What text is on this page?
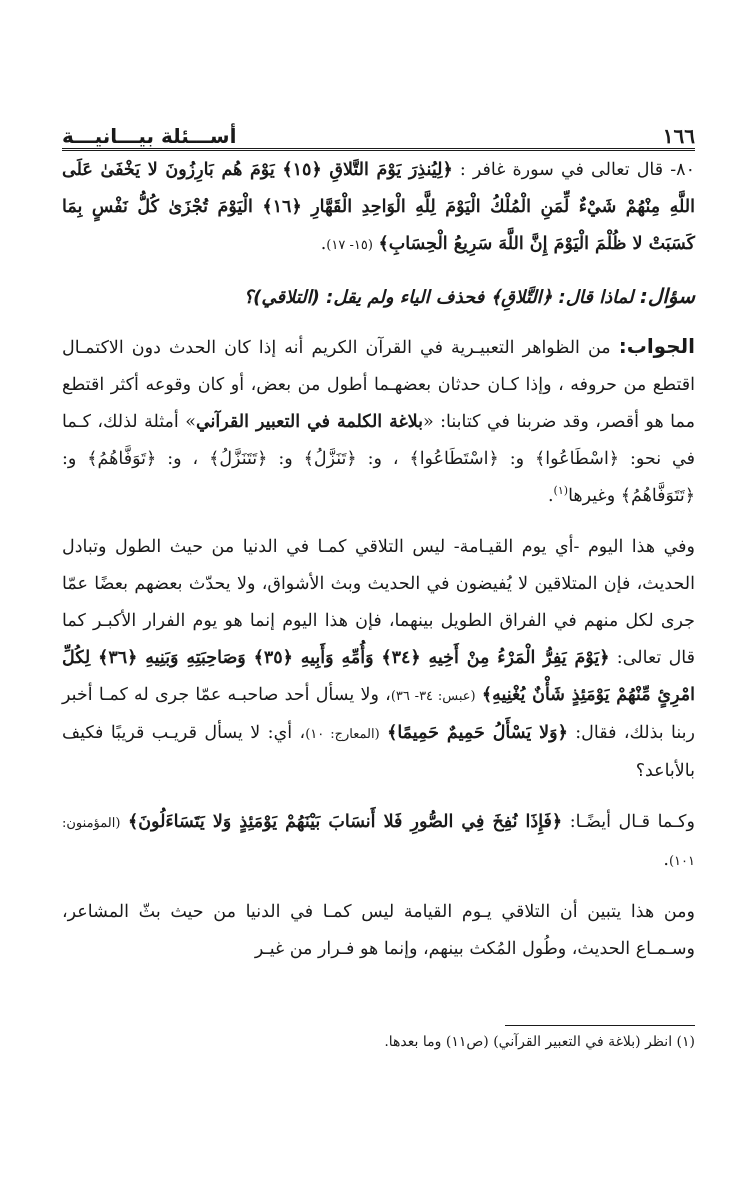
أســـئلة بيـــانيـــة	١٦٦

٨٠- قال تعالى في سورة غافر : ﴿لِيُنذِرَ يَوْمَ التَّلاقِ ﴿١٥﴾ يَوْمَ هُم بَارِزُونَ لا يَخْفَىٰ عَلَى اللَّهِ مِنْهُمْ شَيْءٌ لِّمَنِ الْمُلْكُ الْيَوْمَ لِلَّهِ الْوَاحِدِ الْقَهَّارِ ﴿١٦﴾ الْيَوْمَ تُجْزَىٰ كُلُّ نَفْسٍ بِمَا كَسَبَتْ لا ظُلْمَ الْيَوْمَ إِنَّ اللَّهَ سَرِيعُ الْحِسَابِ﴾ (١٥- ١٧).

سؤال: لماذا قال: ﴿التَّلاقِ﴾ فحذف الياء ولم يقل: (التلاقي)؟

الجواب: من الظواهر التعبيـرية في القرآن الكريم أنه إذا كان الحدث دون الاكتمـال اقتطع من حروفه ، وإذا كـان حدثان بعضهـما أطول من بعض، أو كان وقوعه أكثر اقتطع مما هو أقصر، وقد ضربنا في كتابنا: «بلاغة الكلمة في التعبير القرآني» أمثلة لذلك، كـما في نحو: ﴿اسْطَاعُوا﴾ و: ﴿اسْتَطَاعُوا﴾ ، و: ﴿تَنَزَّلُ﴾ و: ﴿تَتَنَزَّلُ﴾ ، و: ﴿تَوَفَّاهُمُ﴾ و: ﴿تَتَوَفَّاهُمُ﴾ وغيرها$^{(١)}$.

وفي هذا اليوم -أي يوم القيـامة- ليس التلاقي كمـا في الدنيا من حيث الطول وتبادل الحديث، فإن المتلاقين لا يُفيضون في الحديث وبث الأشواق، ولا يحدّث بعضهم بعضًا عمّا جرى لكل منهم في الفراق الطويل بينهما، فإن هذا اليوم إنما هو يوم الفرار الأكبـر كما قال تعالى: ﴿يَوْمَ يَفِرُّ الْمَرْءُ مِنْ أَخِيهِ ﴿٣٤﴾ وَأُمِّهِ وَأَبِيهِ ﴿٣٥﴾ وَصَاحِبَتِهِ وَبَنِيهِ ﴿٣٦﴾ لِكُلِّ امْرِئٍ مِّنْهُمْ يَوْمَئِذٍ شَأْنٌ يُغْنِيهِ﴾ (عبس: ٣٤- ٣٦)، ولا يسأل أحد صاحبـه عمّا جرى له كمـا أخبر ربنا بذلك، فقال: ﴿وَلا يَسْأَلُ حَمِيمٌ حَمِيمًا﴾ (المعارج: ١٠)، أي: لا يسأل قريـب قريبًا فكيف بالأباعد؟

وكـما قـال أيضًـا: ﴿فَإِذَا نُفِخَ فِي الصُّورِ فَلا أَنسَابَ بَيْنَهُمْ يَوْمَئِذٍ وَلا يَتَسَاءَلُونَ﴾ (المؤمنون: ١٠١).

ومن هذا يتبين أن التلاقي يـوم القيامة ليس كمـا في الدنيا من حيث بثّ المشاعر، وسـمـاع الحديث، وطُول المُكث بينهم، وإنما هو فـرار من غيـر

(١) انظر (بلاغة في التعبير القرآني) (ص١١) وما بعدها.
